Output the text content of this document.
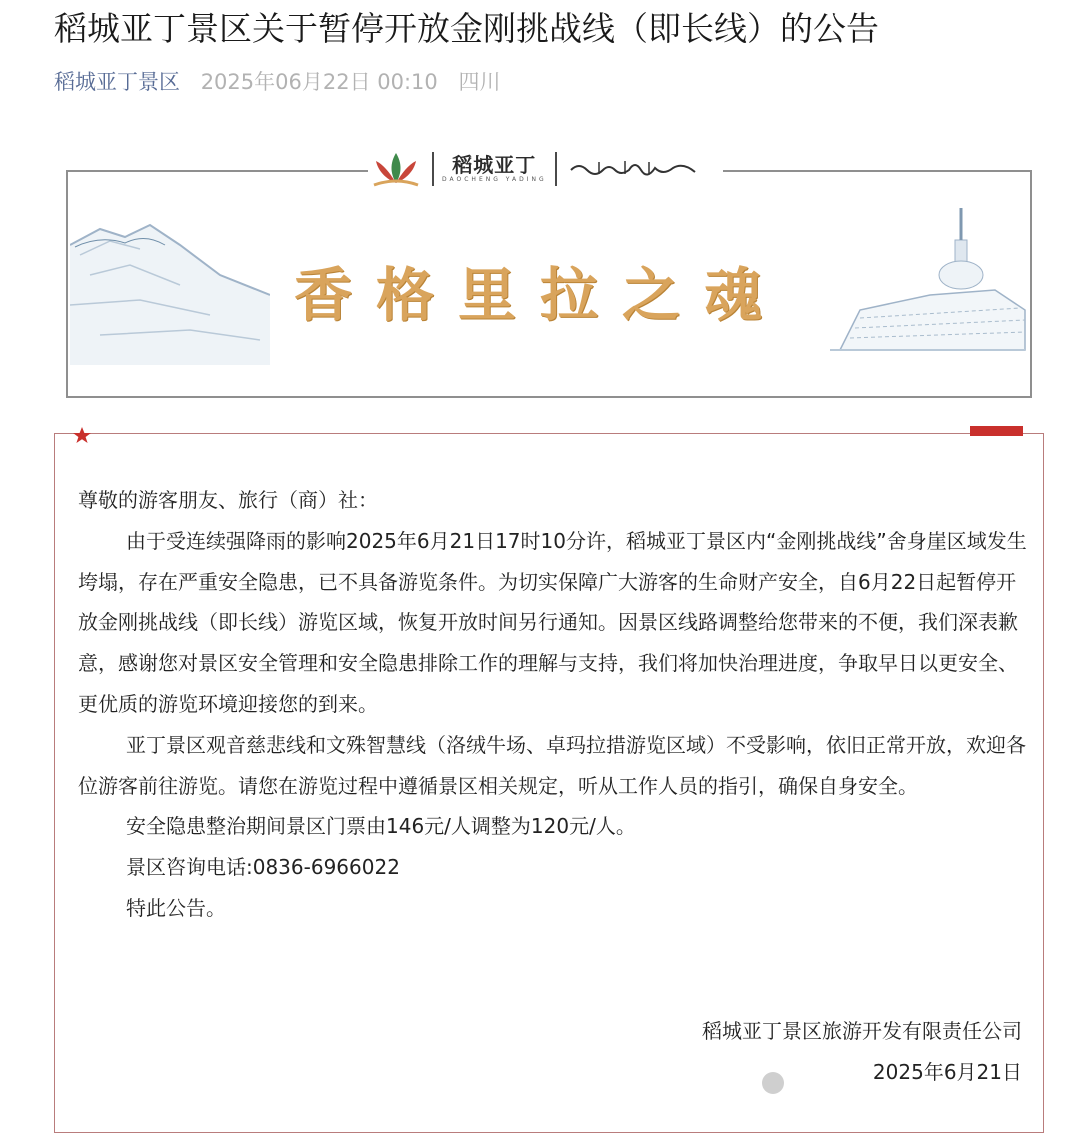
稻城亚丁景区关于暂停开放金刚挑战线（即长线）的公告
稻城亚丁景区 2025年06月22日 00:10 四川
稻城亚丁
DAOCHENG YADING
香格里拉之魂

尊敬的游客朋友、旅行（商）社：

由于受连续强降雨的影响2025年6月21日17时10分许，稻城亚丁景区内“金刚挑战线”舍身崖区域发生垮塌，存在严重安全隐患，已不具备游览条件。为切实保障广大游客的生命财产安全，自6月22日起暂停开放金刚挑战线（即长线）游览区域，恢复开放时间另行通知。因景区线路调整给您带来的不便，我们深表歉意，感谢您对景区安全管理和安全隐患排除工作的理解与支持，我们将加快治理进度，争取早日以更安全、更优质的游览环境迎接您的到来。

亚丁景区观音慈悲线和文殊智慧线（洛绒牛场、卓玛拉措游览区域）不受影响，依旧正常开放，欢迎各位游客前往游览。请您在游览过程中遵循景区相关规定，听从工作人员的指引，确保自身安全。

安全隐患整治期间景区门票由146元/人调整为120元/人。

景区咨询电话:0836-6966022

特此公告。

稻城亚丁景区旅游开发有限责任公司
2025年6月21日
